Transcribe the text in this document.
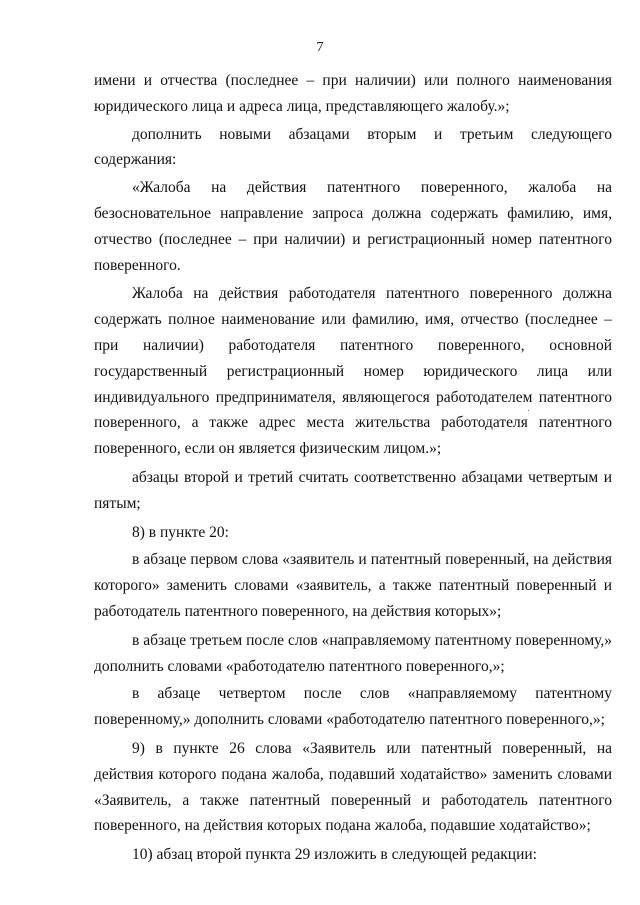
7

имени и отчества (последнее – при наличии) или полного наименования юридического лица и адреса лица, представляющего жалобу.»;

дополнить новыми абзацами вторым и третьим следующего содержания:

«Жалоба на действия патентного поверенного, жалоба на безосновательное направление запроса должна содержать фамилию, имя, отчество (последнее – при наличии) и регистрационный номер патентного поверенного.

Жалоба на действия работодателя патентного поверенного должна содержать полное наименование или фамилию, имя, отчество (последнее – при наличии) работодателя патентного поверенного, основной государственный регистрационный номер юридического лица или индивидуального предпринимателя, являющегося работодателем патентного поверенного, а также адрес места жительства работодателя патентного поверенного, если он является физическим лицом.»;

абзацы второй и третий считать соответственно абзацами четвертым и пятым;

8) в пункте 20:

в абзаце первом слова «заявитель и патентный поверенный, на действия которого» заменить словами «заявитель, а также патентный поверенный и работодатель патентного поверенного, на действия которых»;

в абзаце третьем после слов «направляемому патентному поверенному,» дополнить словами «работодателю патентного поверенного,»;

в абзаце четвертом после слов «направляемому патентному поверенному,» дополнить словами «работодателю патентного поверенного,»;

9) в пункте 26 слова «Заявитель или патентный поверенный, на действия которого подана жалоба, подавший ходатайство» заменить словами «Заявитель, а также патентный поверенный и работодатель патентного поверенного, на действия которых подана жалоба, подавшие ходатайство»;

10) абзац второй пункта 29 изложить в следующей редакции:
